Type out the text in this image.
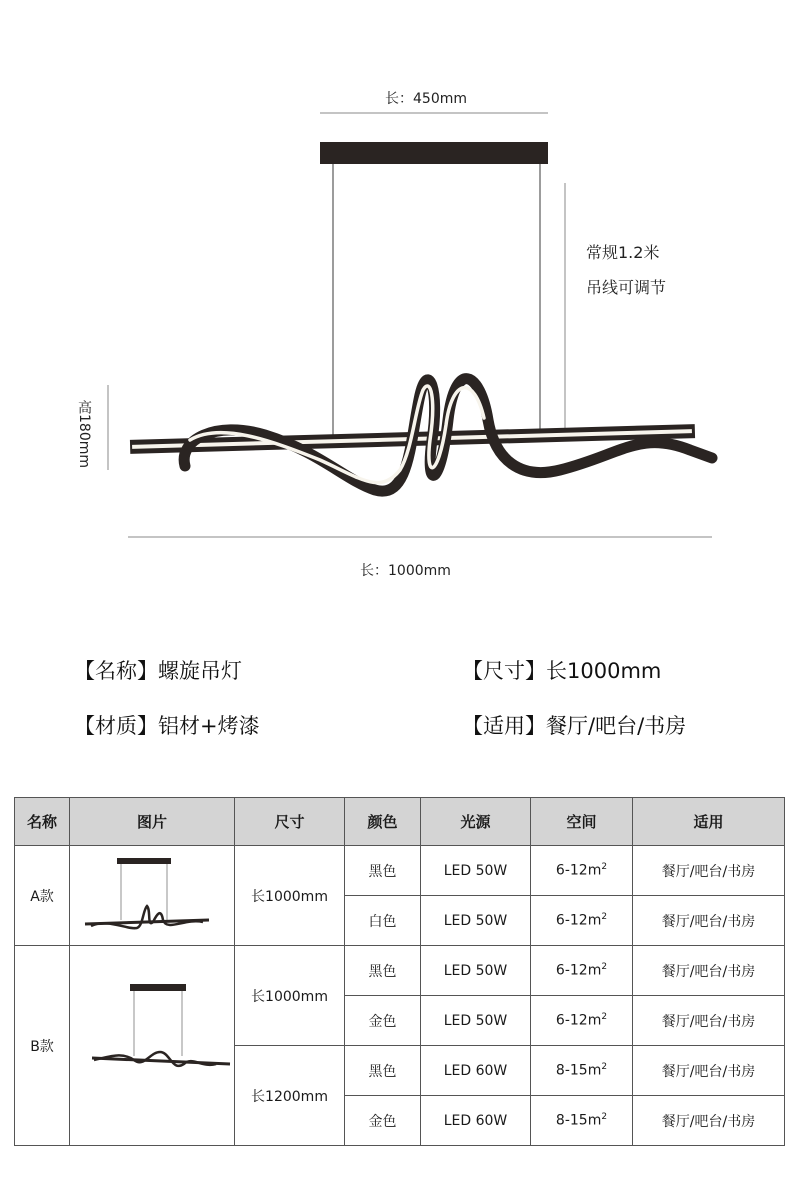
长：450mm
长：1000mm
常规1.2米
吊线可调节
高180mm
【名称】螺旋吊灯	【尺寸】长1000mm
【材质】铝材+烤漆	【适用】餐厅/吧台/书房
名称	图片	尺寸	颜色	光源	空间	适用
A款		长1000mm	黑色	LED 50W	$6-12m^2$	餐厅/吧台/书房
			白色	LED 50W	$6-12m^2$	餐厅/吧台/书房
B款		长1000mm	黑色	LED 50W	$6-12m^2$	餐厅/吧台/书房
			金色	LED 50W	$6-12m^2$	餐厅/吧台/书房
		长1200mm	黑色	LED 60W	$8-15m^2$	餐厅/吧台/书房
			金色	LED 60W	$8-15m^2$	餐厅/吧台/书房
